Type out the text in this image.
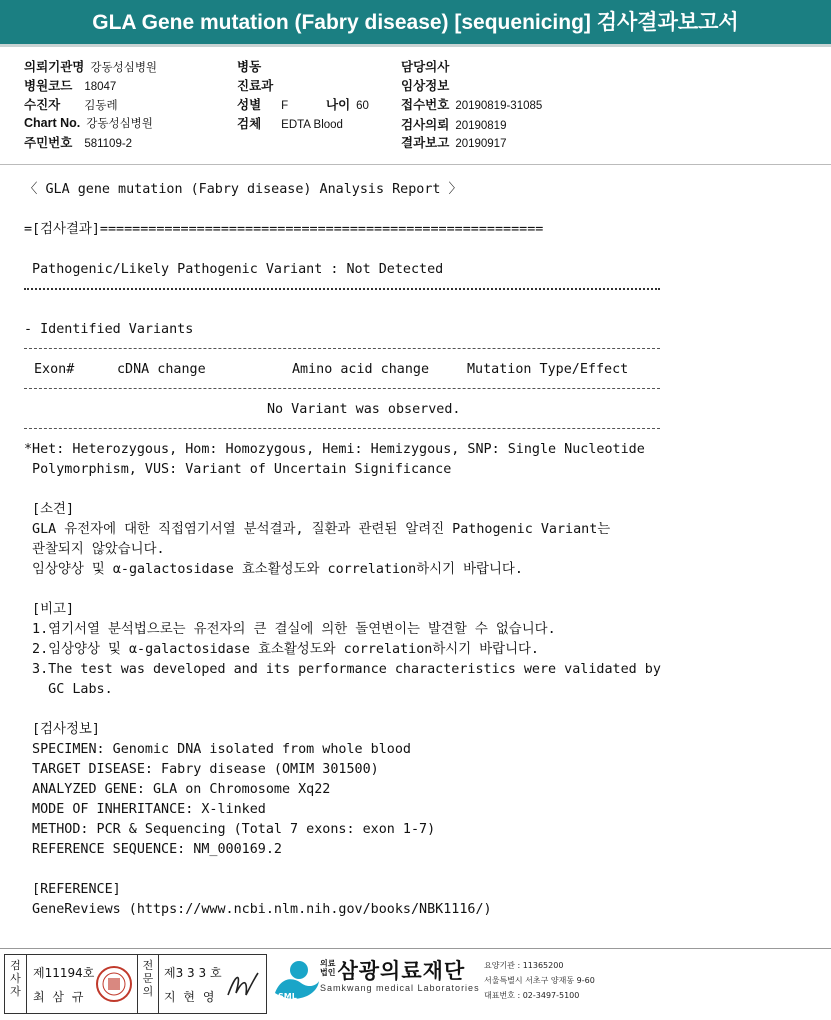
GLA Gene mutation (Fabry disease) [sequenicing] 검사결과보고서
의뢰기관명 강동성심병원
병원코드 18047
수진자 김동레
Chart No. 강동성심병원
주민번호 581109-2
병동
진료과
성별 F	나이 60
검체 EDTA Blood
담당의사
임상정보
접수번호 20190819-31085
검사의뢰 20190819
결과보고 20190917
〈 GLA gene mutation (Fabry disease) Analysis Report 〉
=[검사결과]=======================================================
Pathogenic/Likely Pathogenic Variant : Not Detected
- Identified Variants
Exon#	cDNA change	Amino acid change	Mutation Type/Effect
No Variant was observed.
*Het: Heterozygous, Hom: Homozygous, Hemi: Hemizygous, SNP: Single Nucleotide
Polymorphism, VUS: Variant of Uncertain Significance
[소견]
GLA 유전자에 대한 직접염기서열 분석결과, 질환과 관련된 알려진 Pathogenic Variant는
관찰되지 않았습니다.
임상양상 및 α-galactosidase 효소활성도와 correlation하시기 바랍니다.
[비고]
1.염기서열 분석법으로는 유전자의 큰 결실에 의한 돌연변이는 발견할 수 없습니다.
2.임상양상 및 α-galactosidase 효소활성도와 correlation하시기 바랍니다.
3.The test was developed and its performance characteristics were validated by
GC Labs.
[검사정보]
SPECIMEN: Genomic DNA isolated from whole blood
TARGET DISEASE: Fabry disease (OMIM 301500)
ANALYZED GENE: GLA on Chromosome Xq22
MODE OF INHERITANCE: X-linked
METHOD: PCR & Sequencing (Total 7 exons: exon 1-7)
REFERENCE SEQUENCE: NM_000169.2
[REFERENCE]
GeneReviews (https://www.ncbi.nlm.nih.gov/books/NBK1116/)
검사자
제11194호
최 삼 규
전문의
제3 3 3 호
지 현 영	SML
의료
법인삼광의료재단
Samkwang medical Laboratories
요양기관 : 11365200
서울특별시 서초구 양재동 9-60
대표번호 : 02-3497-5100
